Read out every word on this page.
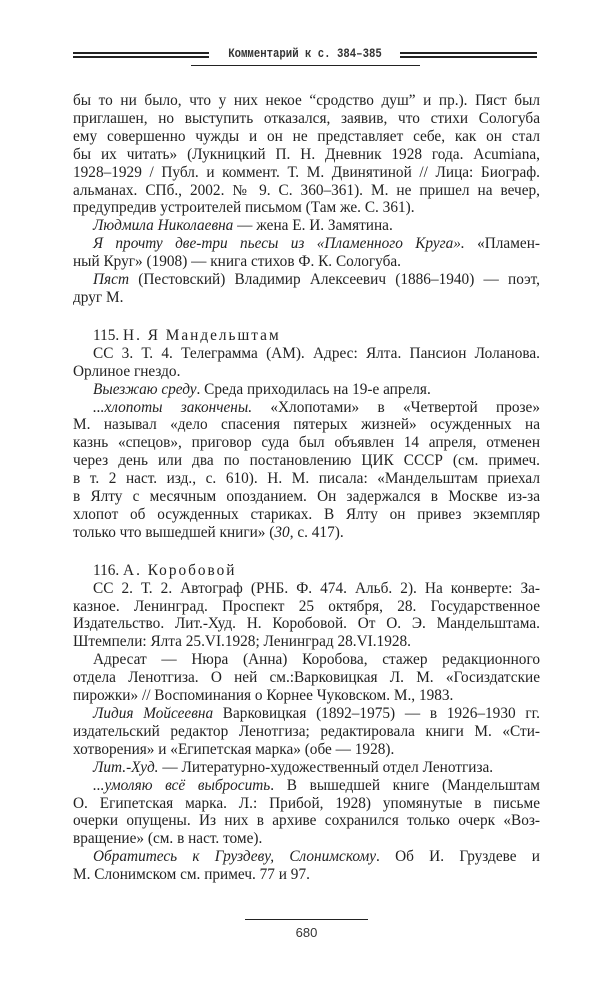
Комментарий к с. 384–385
бы то ни было, что у них некое “сродство душ” и пр.). Пяст был
приглашен, но выступить отказался, заявив, что стихи Сологуба
ему совершенно чужды и он не представляет себе, как он стал
бы их читать» (Лукницкий П. Н. Дневник 1928 года. Acumiana,
1928–1929 / Публ. и коммент. Т. М. Двинятиной // Лица: Биограф.
альманах. СПб., 2002. № 9. С. 360–361). М. не пришел на вечер,
предупредив устроителей письмом (Там же. С. 361).
Людмила Николаевна — жена Е. И. Замятина.
Я прочту две-три пьесы из «Пламенного Круга». «Пламен-
ный Круг» (1908) — книга стихов Ф. К. Сологуба.
Пяст (Пестовский) Владимир Алексеевич (1886–1940) — поэт,
друг М.
115. Н. Я Мандельштам
СС 3. Т. 4. Телеграмма (АМ). Адрес: Ялта. Пансион Лоланова.
Орлиное гнездо.
Выезжаю среду. Среда приходилась на 19-е апреля.
...хлопоты закончены. «Хлопотами» в «Четвертой прозе»
М. называл «дело спасения пятерых жизней» осужденных на
казнь «спецов», приговор суда был объявлен 14 апреля, отменен
через день или два по постановлению ЦИК СССР (см. примеч.
в т. 2 наст. изд., с. 610). Н. М. писала: «Мандельштам приехал
в Ялту с месячным опозданием. Он задержался в Москве из-за
хлопот об осужденных стариках. В Ялту он привез экземпляр
только что вышедшей книги» (30, с. 417).
116. А. Коробовой
СС 2. Т. 2. Автограф (РНБ. Ф. 474. Альб. 2). На конверте: За-
казное. Ленинград. Проспект 25 октября, 28. Государственное
Издательство. Лит.-Худ. Н. Коробовой. От О. Э. Мандельштама.
Штемпели: Ялта 25.VI.1928; Ленинград 28.VI.1928.
Адресат — Нюра (Анна) Коробова, стажер редакционного
отдела Ленотгиза. О ней см.:Варковицкая Л. М. «Госиздатские
пирожки» // Воспоминания о Корнее Чуковском. М., 1983.
Лидия Мойсеевна Варковицкая (1892–1975) — в 1926–1930 гг.
издательский редактор Ленотгиза; редактировала книги М. «Сти-
хотворения» и «Египетская марка» (обе — 1928).
Лит.-Худ. — Литературно-художественный отдел Ленотгиза.
...умоляю всё выбросить. В вышедшей книге (Мандельштам
О. Египетская марка. Л.: Прибой, 1928) упомянутые в письме
очерки опущены. Из них в архиве сохранился только очерк «Воз-
вращение» (см. в наст. томе).
Обратитесь к Груздеву, Слонимскому. Об И. Груздеве и
М. Слонимском см. примеч. 77 и 97.
680
